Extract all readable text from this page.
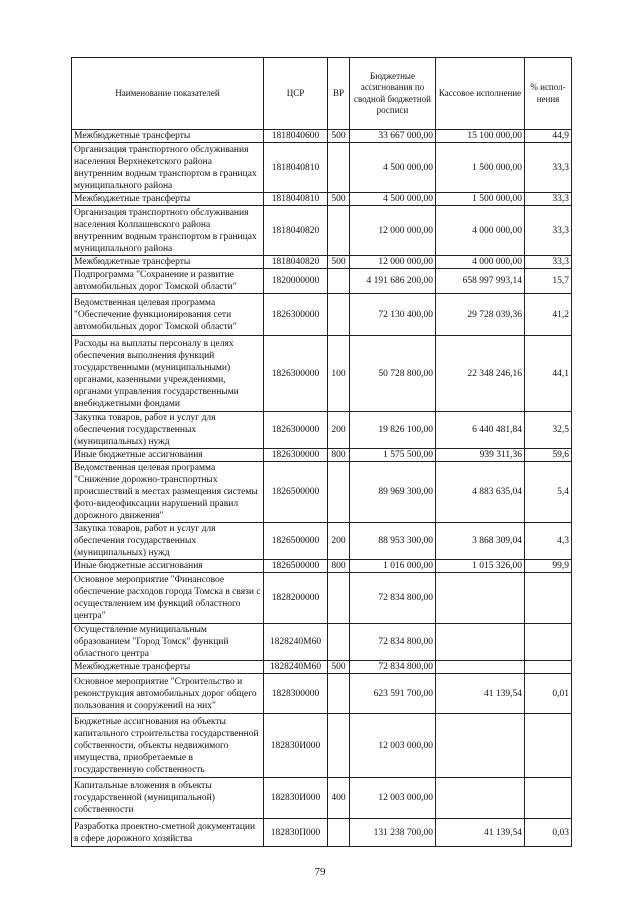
Наименование показателей	ЦСР	ВР	Бюджетные ассигнования по сводной бюджетной росписи	Кассовое исполнение	% испол-нения
Межбюджетные трансферты	1818040600	500	33 667 000,00	15 100 000,00	44,9
Организация транспортного обслуживания населения Верхнекетского района внутренним водным транспортом в границах муниципального района	1818040810		4 500 000,00	1 500 000,00	33,3
Межбюджетные трансферты	1818040810	500	4 500 000,00	1 500 000,00	33,3
Организация транспортного обслуживания населения Колпашевского района внутренним водным транспортом в границах муниципального района	1818040820		12 000 000,00	4 000 000,00	33,3
Межбюджетные трансферты	1818040820	500	12 000 000,00	4 000 000,00	33,3
Подпрограмма "Сохранение и развитие автомобильных дорог Томской области"	1820000000		4 191 686 200,00	658 997 993,14	15,7
Ведомственная целевая программа "Обеспечение функционирования сети автомобильных дорог Томской области"	1826300000		72 130 400,00	29 728 039,36	41,2
Расходы на выплаты персоналу в целях обеспечения выполнения функций государственными (муниципальными) органами, казенными учреждениями, органами управления государственными внебюджетными фондами	1826300000	100	50 728 800,00	22 348 246,16	44,1
Закупка товаров, работ и услуг для обеспечения государственных (муниципальных) нужд	1826300000	200	19 826 100,00	6 440 481,84	32,5
Иные бюджетные ассигнования	1826300000	800	1 575 500,00	939 311,36	59,6
Ведомственная целевая программа "Снижение дорожно-транспортных происшествий в местах размещения системы фото-видеофиксации нарушений правил дорожного движения"	1826500000		89 969 300,00	4 883 635,04	5,4
Закупка товаров, работ и услуг для обеспечения государственных (муниципальных) нужд	1826500000	200	88 953 300,00	3 868 309,04	4,3
Иные бюджетные ассигнования	1826500000	800	1 016 000,00	1 015 326,00	99,9
Основное мероприятие "Финансовое обеспечение расходов города Томска в связи с осуществлением им функций областного центра"	1828200000		72 834 800,00		
Осуществление муниципальным образованием "Город Томск" функций областного центра	1828240М60		72 834 800,00		
Межбюджетные трансферты	1828240М60	500	72 834 800,00		
Основное мероприятие "Строительство и реконструкция автомобильных дорог общего пользования и сооружений на них"	1828300000		623 591 700,00	41 139,54	0,01
Бюджетные ассигнования на объекты капитального строительства государственной собственности, объекты недвижимого имущества, приобретаемые в государственную собственность	182830И000		12 003 000,00		
Капитальные вложения в объекты государственной (муниципальной) собственности	182830И000	400	12 003 000,00		
Разработка проектно-сметной документации в сфере дорожного хозяйства	182830П000		131 238 700,00	41 139,54	0,03
79
